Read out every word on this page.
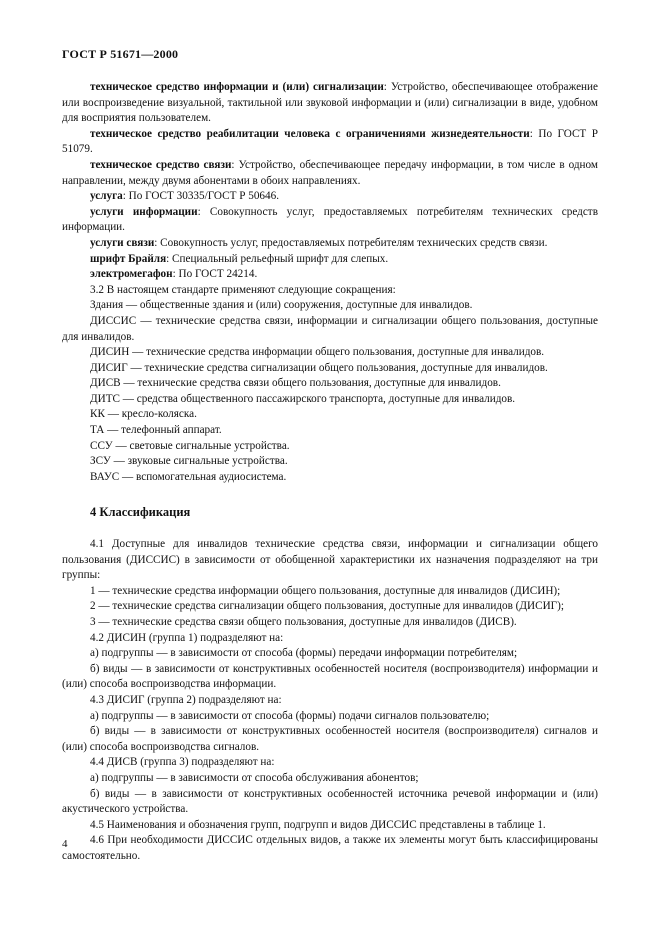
ГОСТ Р 51671—2000

техническое средство информации и (или) сигнализации: Устройство, обеспечивающее отображение или воспроизведение визуальной, тактильной или звуковой информации и (или) сигнализации в виде, удобном для восприятия пользователем.

техническое средство реабилитации человека с ограничениями жизнедеятельности: По ГОСТ Р 51079.

техническое средство связи: Устройство, обеспечивающее передачу информации, в том числе в одном направлении, между двумя абонентами в обоих направлениях.

услуга: По ГОСТ 30335/ГОСТ Р 50646.

услуги информации: Совокупность услуг, предоставляемых потребителям технических средств информации.

услуги связи: Совокупность услуг, предоставляемых потребителям технических средств связи.

шрифт Брайля: Специальный рельефный шрифт для слепых.

электромегафон: По ГОСТ 24214.

3.2 В настоящем стандарте применяют следующие сокращения:

Здания — общественные здания и (или) сооружения, доступные для инвалидов.

ДИССИС — технические средства связи, информации и сигнализации общего пользования, доступные для инвалидов.

ДИСИН — технические средства информации общего пользования, доступные для инвалидов.

ДИСИГ — технические средства сигнализации общего пользования, доступные для инвалидов.

ДИСВ — технические средства связи общего пользования, доступные для инвалидов.

ДИТС — средства общественного пассажирского транспорта, доступные для инвалидов.

КК — кресло-коляска.

ТА — телефонный аппарат.

ССУ — световые сигнальные устройства.

ЗСУ — звуковые сигнальные устройства.

ВАУС — вспомогательная аудиосистема.

4 Классификация

4.1 Доступные для инвалидов технические средства связи, информации и сигнализации общего пользования (ДИССИС) в зависимости от обобщенной характеристики их назначения подразделяют на три группы:

1 — технические средства информации общего пользования, доступные для инвалидов (ДИСИН);

2 — технические средства сигнализации общего пользования, доступные для инвалидов (ДИСИГ);

3 — технические средства связи общего пользования, доступные для инвалидов (ДИСВ).

4.2 ДИСИН (группа 1) подразделяют на:

а) подгруппы — в зависимости от способа (формы) передачи информации потребителям;

б) виды — в зависимости от конструктивных особенностей носителя (воспроизводителя) информации и (или) способа воспроизводства информации.

4.3 ДИСИГ (группа 2) подразделяют на:

а) подгруппы — в зависимости от способа (формы) подачи сигналов пользователю;

б) виды — в зависимости от конструктивных особенностей носителя (воспроизводителя) сигналов и (или) способа воспроизводства сигналов.

4.4 ДИСВ (группа 3) подразделяют на:

а) подгруппы — в зависимости от способа обслуживания абонентов;

б) виды — в зависимости от конструктивных особенностей источника речевой информации и (или) акустического устройства.

4.5 Наименования и обозначения групп, подгрупп и видов ДИССИС представлены в таблице 1.

4.6 При необходимости ДИССИС отдельных видов, а также их элементы могут быть классифицированы самостоятельно.

4
